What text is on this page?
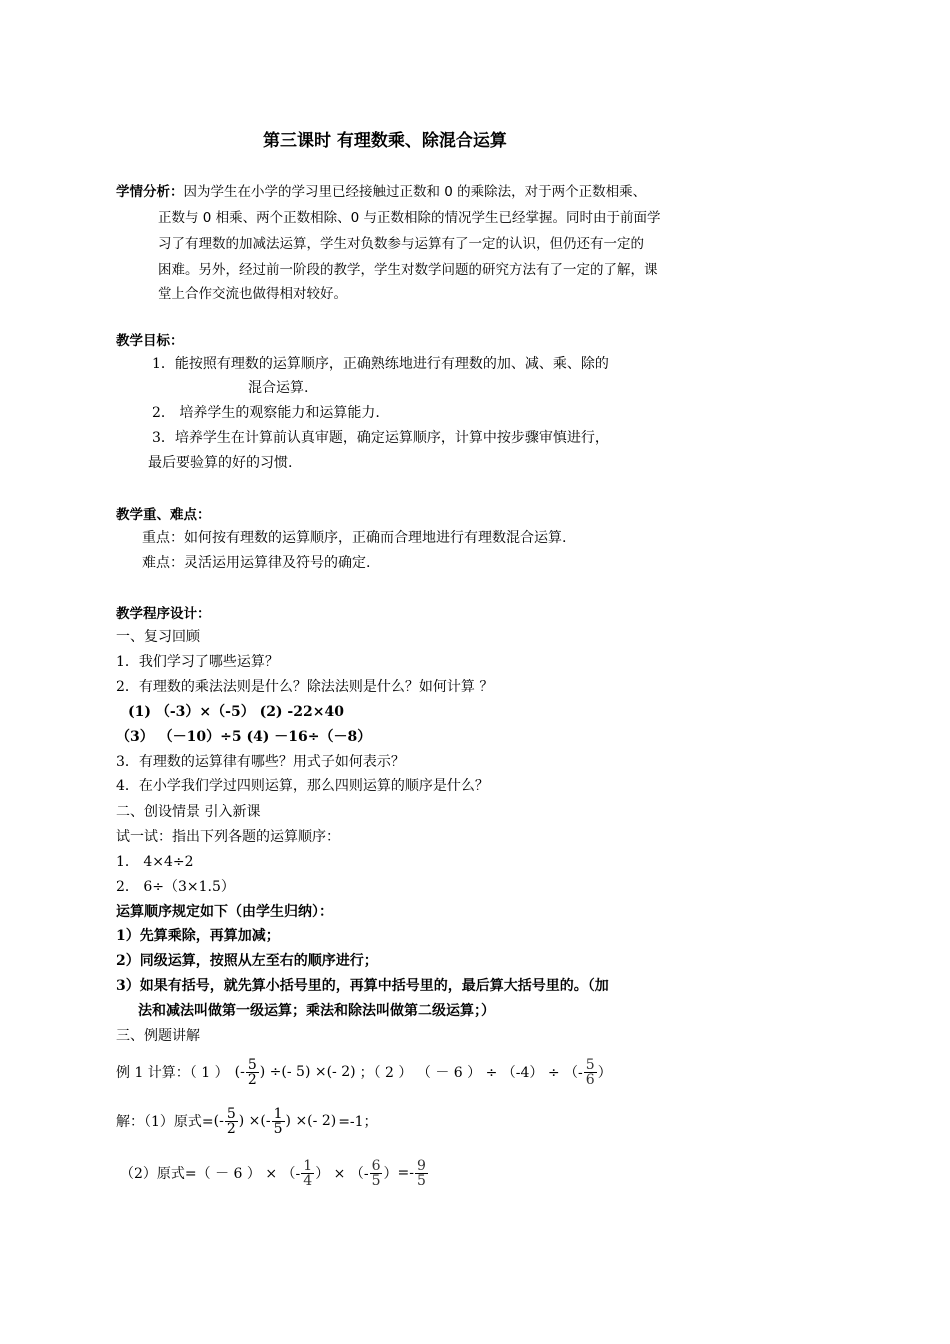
第三课时 有理数乘、除混合运算
学情分析：因为学生在小学的学习里已经接触过正数和 0 的乘除法，对于两个正数相乘、
正数与 0 相乘、两个正数相除、0 与正数相除的情况学生已经掌握。同时由于前面学
习了有理数的加减法运算，学生对负数参与运算有了一定的认识，但仍还有一定的
困难。另外，经过前一阶段的教学，学生对数学问题的研究方法有了一定的了解，课
堂上合作交流也做得相对较好。
教学目标：
1．能按照有理数的运算顺序，正确熟练地进行有理数的加、减、乘、除的
混合运算.
2． 培养学生的观察能力和运算能力.
3．培养学生在计算前认真审题，确定运算顺序，计算中按步骤审慎进行，
最后要验算的好的习惯.
教学重、难点：
重点：如何按有理数的运算顺序，正确而合理地进行有理数混合运算.
难点：灵活运用运算律及符号的确定.
教学程序设计：
一、复习回顾
1．我们学习了哪些运算？
2．有理数的乘法法则是什么？除法法则是什么？如何计算 ？
(1) （-3）×（-5） (2) -22×40
（3） （－10）÷5 (4) －16÷（－8）
3．有理数的运算律有哪些？用式子如何表示？
4．在小学我们学过四则运算，那么四则运算的顺序是什么？
二、创设情景 引入新课
试一试：指出下列各题的运算顺序：
1． 4×4÷2
2． 6÷（3×1.5）
运算顺序规定如下（由学生归纳）：
1）先算乘除，再算加减；
2）同级运算，按照从左至右的顺序进行；
3）如果有括号，就先算小括号里的，再算中括号里的，最后算大括号里的。（加
法和减法叫做第一级运算；乘法和除法叫做第二级运算；）
三、例题讲解
例 1 计算：（ 1 ） (- $\frac{5}{2}$ ) ÷(- 5) ×(- 2) ；（ 2 ） （ － 6 ） ÷ （-4） ÷ （- $\frac{5}{6}$ ）
解：（1）原式= (- $\frac{5}{2}$ ) ×(- $\frac{1}{5}$ ) ×(- 2) =-1；
（2）原式=（ － 6 ） × （- $\frac{1}{4}$ ） × （- $\frac{6}{5}$ ） =- $\frac{9}{5}$
